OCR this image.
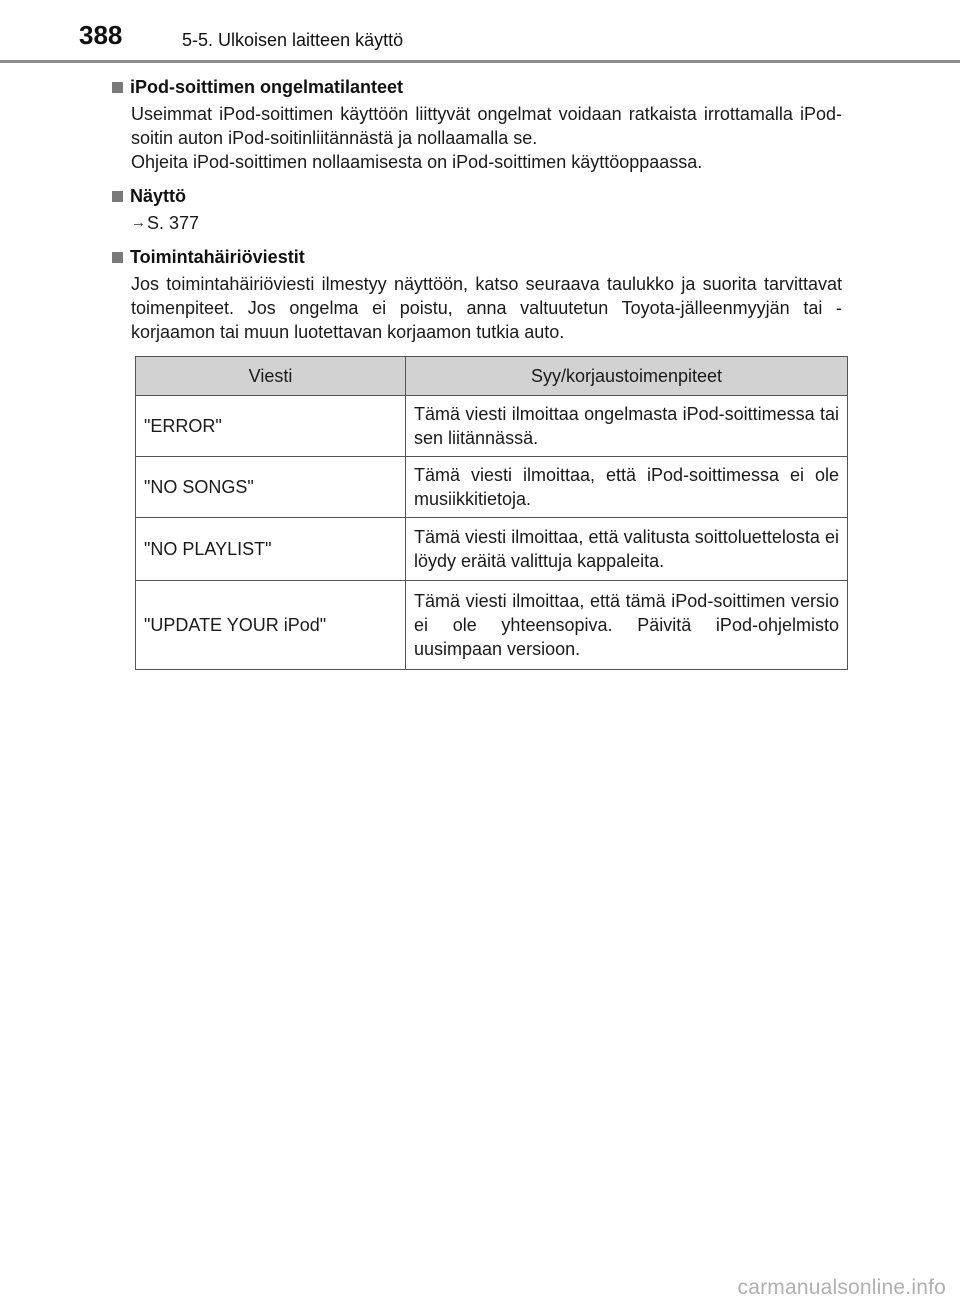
388	5-5. Ulkoisen laitteen käyttö
iPod-soittimen ongelmatilanteet
Useimmat iPod-soittimen käyttöön liittyvät ongelmat voidaan ratkaista irrottamalla iPod-soitin auton iPod-soitinliitännästä ja nollaamalla se.
Ohjeita iPod-soittimen nollaamisesta on iPod-soittimen käyttöoppaassa.
Näyttö
→ S. 377
Toimintahäiriöviestit
Jos toimintahäiriöviesti ilmestyy näyttöön, katso seuraava taulukko ja suorita tarvittavat toimenpiteet. Jos ongelma ei poistu, anna valtuutetun Toyota-jälleenmyyjän tai -korjaamon tai muun luotettavan korjaamon tutkia auto.
Viesti	Syy/korjaustoimenpiteet
"ERROR"	Tämä viesti ilmoittaa ongelmasta iPod-soittimessa tai sen liitännässä.
"NO SONGS"	Tämä viesti ilmoittaa, että iPod-soittimessa ei ole musiikkitietoja.
"NO PLAYLIST"	Tämä viesti ilmoittaa, että valitusta soittoluettelosta ei löydy eräitä valittuja kappaleita.
"UPDATE YOUR iPod"	Tämä viesti ilmoittaa, että tämä iPod-soittimen versio ei ole yhteensopiva. Päivitä iPod-ohjelmisto uusimpaan versioon.
carmanualsonline.info
